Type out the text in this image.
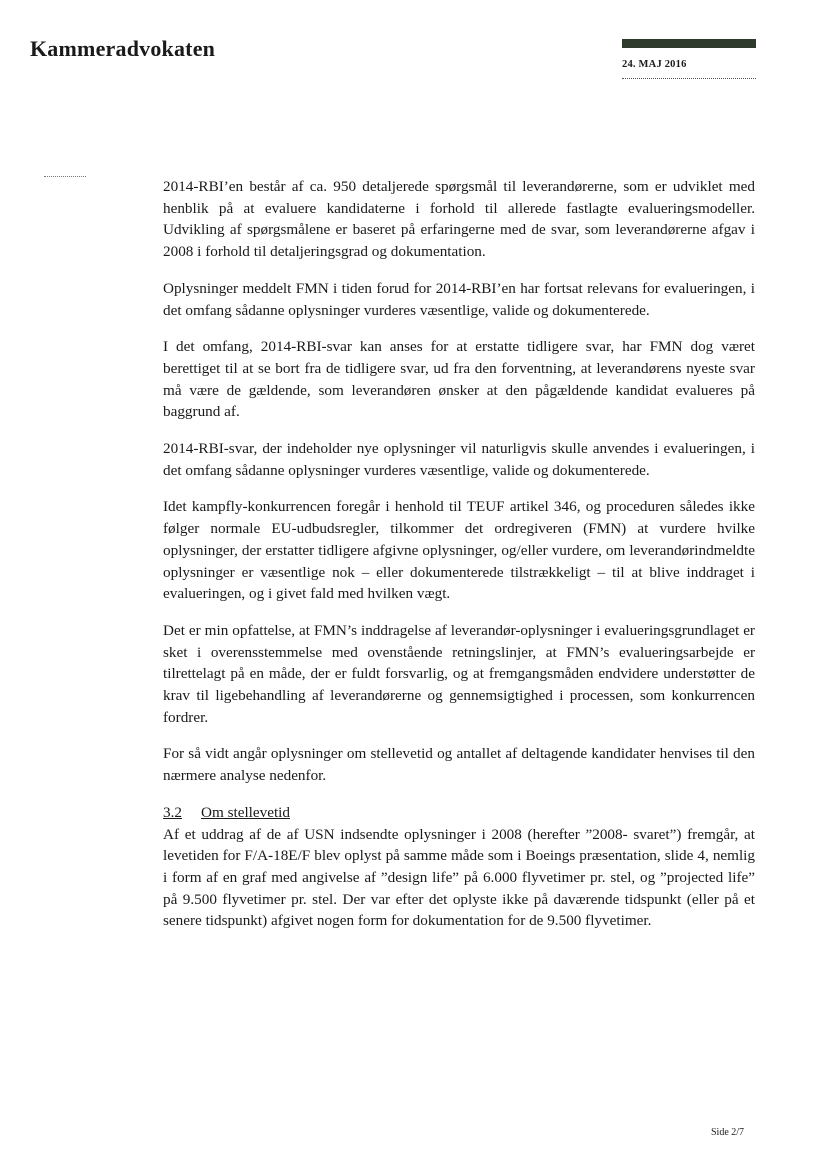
Kammeradvokaten
24. MAJ 2016

2014-RBI’en består af ca. 950 detaljerede spørgsmål til leverandørerne, som er udviklet med henblik på at evaluere kandidaterne i forhold til allerede fastlagte evalueringsmodeller. Udvikling af spørgsmålene er baseret på erfaringerne med de svar, som leverandørerne afgav i 2008 i forhold til detaljeringsgrad og dokumentation.

Oplysninger meddelt FMN i tiden forud for 2014-RBI’en har fortsat relevans for evalueringen, i det omfang sådanne oplysninger vurderes væsentlige, valide og dokumenterede.

I det omfang, 2014-RBI-svar kan anses for at erstatte tidligere svar, har FMN dog været berettiget til at se bort fra de tidligere svar, ud fra den forventning, at leverandørens nyeste svar må være de gældende, som leverandøren ønsker at den pågældende kandidat evalueres på baggrund af.

2014-RBI-svar, der indeholder nye oplysninger vil naturligvis skulle anvendes i evalueringen, i det omfang sådanne oplysninger vurderes væsentlige, valide og dokumenterede.

Idet kampfly-konkurrencen foregår i henhold til TEUF artikel 346, og proceduren således ikke følger normale EU-udbudsregler, tilkommer det ordregiveren (FMN) at vurdere hvilke oplysninger, der erstatter tidligere afgivne oplysninger, og/eller vurdere, om leverandørindmeldte oplysninger er væsentlige nok – eller dokumenterede tilstrækkeligt – til at blive inddraget i evalueringen, og i givet fald med hvilken vægt.

Det er min opfattelse, at FMN’s inddragelse af leverandør-oplysninger i evalueringsgrundlaget er sket i overensstemmelse med ovenstående retningslinjer, at FMN’s evalueringsarbejde er tilrettelagt på en måde, der er fuldt forsvarlig, og at fremgangsmåden endvidere understøtter de krav til ligebehandling af leverandørerne og gennemsigtighed i processen, som konkurrencen fordrer.

For så vidt angår oplysninger om stellevetid og antallet af deltagende kandidater henvises til den nærmere analyse nedenfor.

3.2 Om stellevetid

Af et uddrag af de af USN indsendte oplysninger i 2008 (herefter ”2008- svaret”) fremgår, at levetiden for F/A-18E/F blev oplyst på samme måde som i Boeings præsentation, slide 4, nemlig i form af en graf med angivelse af ”design life” på 6.000 flyvetimer pr. stel, og ”projected life” på 9.500 flyvetimer pr. stel. Der var efter det oplyste ikke på daværende tidspunkt (eller på et senere tidspunkt) afgivet nogen form for dokumentation for de 9.500 flyvetimer.

Side 2/7
